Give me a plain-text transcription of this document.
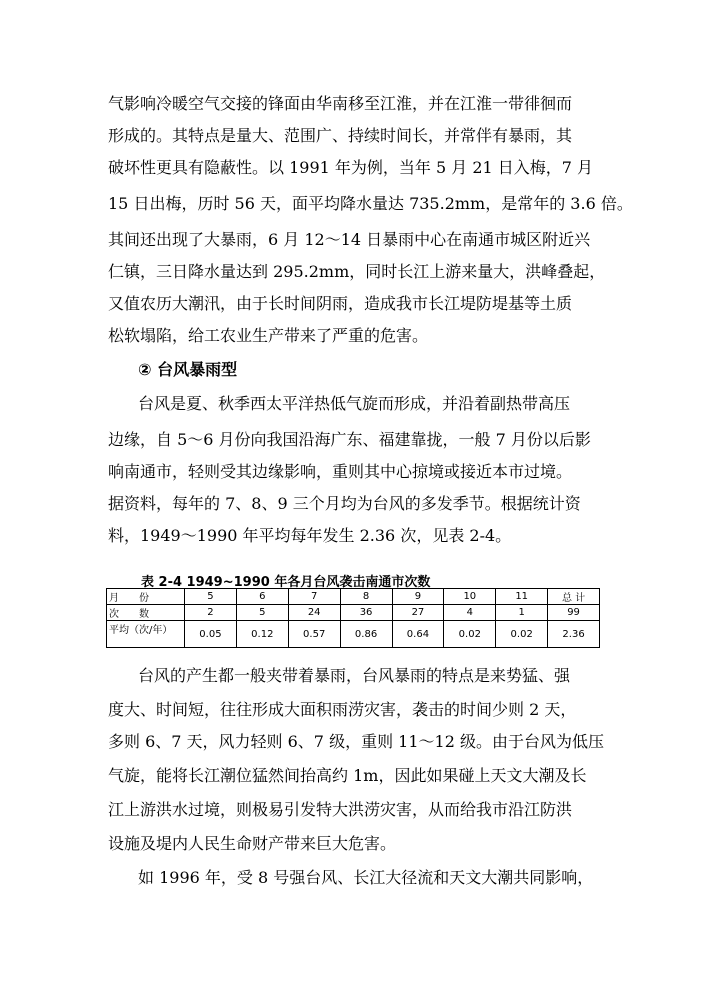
气影响冷暖空气交接的锋面由华南移至江淮，并在江淮一带徘徊而
形成的。其特点是量大、范围广、持续时间长，并常伴有暴雨，其
破坏性更具有隐蔽性。以 1991 年为例，当年 5 月 21 日入梅，7 月
15 日出梅，历时 56 天，面平均降水量达 735.2mm，是常年的 3.6 倍。
其间还出现了大暴雨，6 月 12～14 日暴雨中心在南通市城区附近兴
仁镇，三日降水量达到 295.2mm，同时长江上游来量大，洪峰叠起，
又值农历大潮汛，由于长时间阴雨，造成我市长江堤防堤基等土质
松软塌陷，给工农业生产带来了严重的危害。
② 台风暴雨型
台风是夏、秋季西太平洋热低气旋而形成，并沿着副热带高压
边缘，自 5～6 月份向我国沿海广东、福建靠拢，一般 7 月份以后影
响南通市，轻则受其边缘影响，重则其中心掠境或接近本市过境。
据资料，每年的 7、8、9 三个月均为台风的多发季节。根据统计资
料，1949～1990 年平均每年发生 2.36 次，见表 2-4。
表 2-4 1949~1990 年各月台风袭击南通市次数
月　　份	5	6	7	8	9	10	11	总 计
次　　数	2	5	24	36	27	4	1	99
平均（次/年）	0.05	0.12	0.57	0.86	0.64	0.02	0.02	2.36
台风的产生都一般夹带着暴雨，台风暴雨的特点是来势猛、强
度大、时间短，往往形成大面积雨涝灾害，袭击的时间少则 2 天，
多则 6、7 天，风力轻则 6、7 级，重则 11～12 级。由于台风为低压
气旋，能将长江潮位猛然间抬高约 1m，因此如果碰上天文大潮及长
江上游洪水过境，则极易引发特大洪涝灾害，从而给我市沿江防洪
设施及堤内人民生命财产带来巨大危害。
如 1996 年，受 8 号强台风、长江大径流和天文大潮共同影响，
